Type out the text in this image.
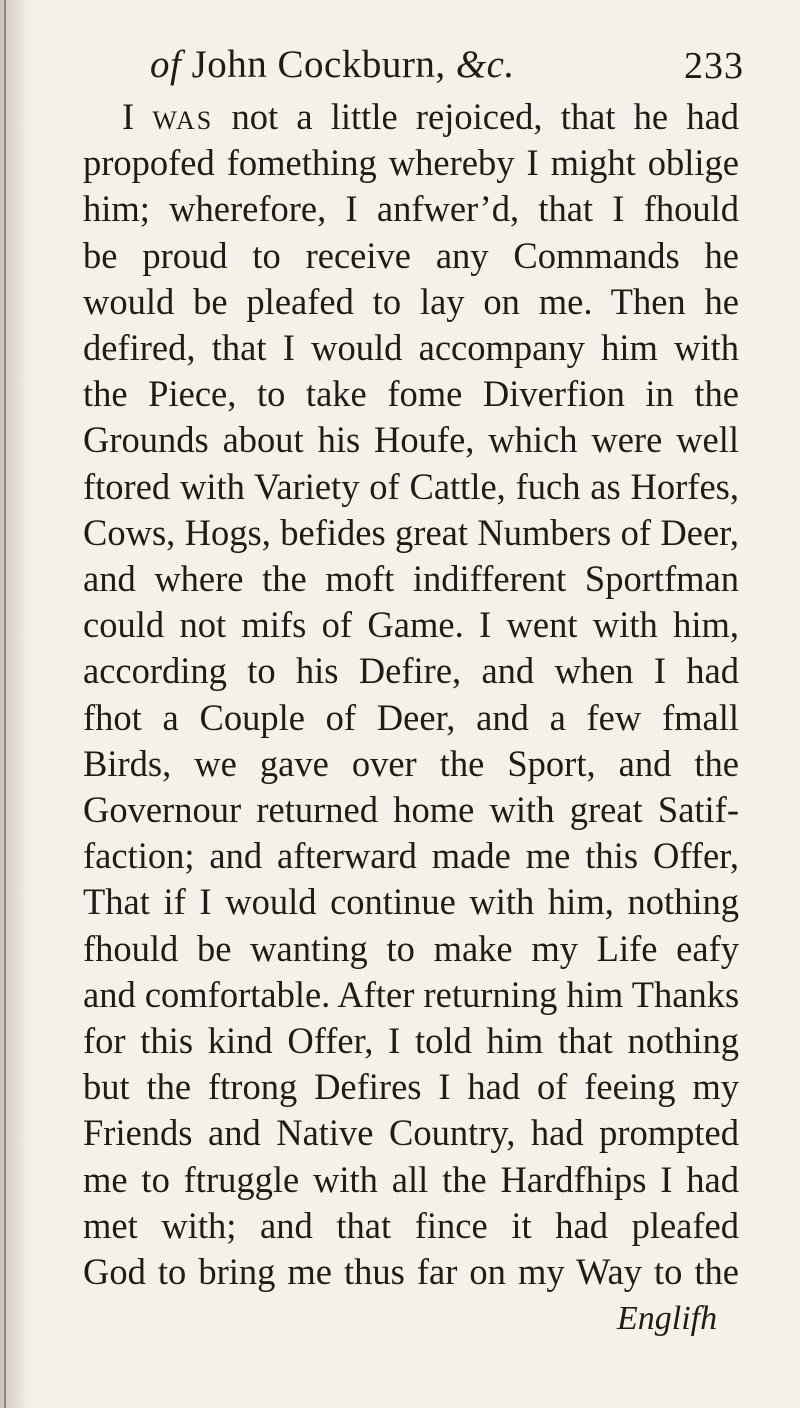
of John Cockburn, &c.	233
I was not a little rejoiced, that he had
propofed fomething whereby I might oblige
him; wherefore, I anfwer’d, that I fhould
be proud to receive any Commands he
would be pleafed to lay on me. Then he
defired, that I would accompany him with
the Piece, to take fome Diverfion in the
Grounds about his Houfe, which were well
ftored with Variety of Cattle, fuch as Horfes,
Cows, Hogs, befides great Numbers of Deer,
and where the moft indifferent Sportfman
could not mifs of Game. I went with him,
according to his Defire, and when I had
fhot a Couple of Deer, and a few fmall
Birds, we gave over the Sport, and the
Governour returned home with great Satif-
faction; and afterward made me this Offer,
That if I would continue with him, nothing
fhould be wanting to make my Life eafy
and comfortable. After returning him Thanks
for this kind Offer, I told him that nothing
but the ftrong Defires I had of feeing my
Friends and Native Country, had prompted
me to ftruggle with all the Hardfhips I had
met with; and that fince it had pleafed
God to bring me thus far on my Way to the
Englifh
